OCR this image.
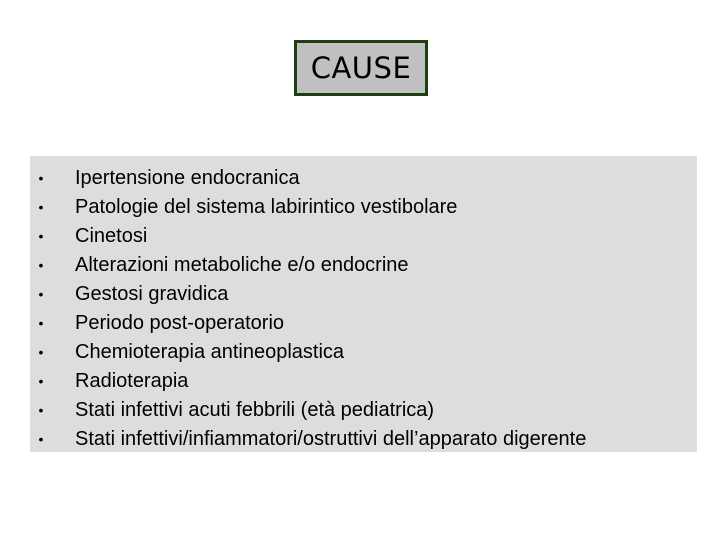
CAUSE
•	Ipertensione endocranica
•	Patologie del sistema labirintico vestibolare
•	Cinetosi
•	Alterazioni metaboliche e/o endocrine
•	Gestosi gravidica
•	Periodo post-operatorio
•	Chemioterapia antineoplastica
•	Radioterapia
•	Stati infettivi acuti febbrili (età pediatrica)
•	Stati infettivi/infiammatori/ostruttivi dell’apparato digerente
